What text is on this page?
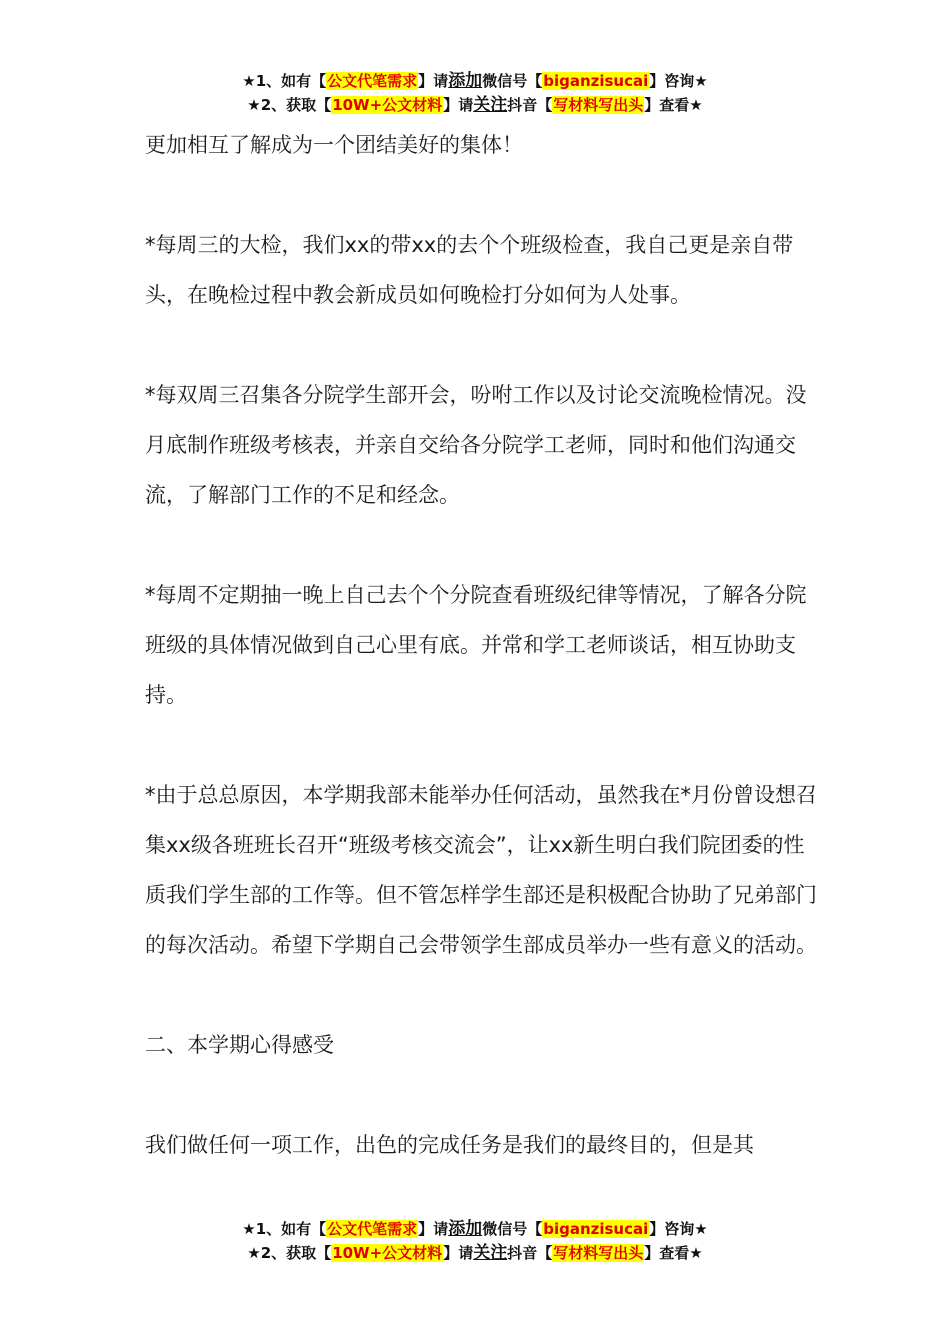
★1、如有【公文代笔需求】请添加微信号【biganzisucai】咨询★
★2、获取【10W+公文材料】请关注抖音【写材料写出头】查看★

更加相互了解成为一个团结美好的集体！

*每周三的大检，我们xx的带xx的去个个班级检查，我自己更是亲自带头，在晚检过程中教会新成员如何晚检打分如何为人处事。

*每双周三召集各分院学生部开会，吩咐工作以及讨论交流晚检情况。没月底制作班级考核表，并亲自交给各分院学工老师，同时和他们沟通交流，了解部门工作的不足和经念。

*每周不定期抽一晚上自己去个个分院查看班级纪律等情况，了解各分院班级的具体情况做到自己心里有底。并常和学工老师谈话，相互协助支持。

*由于总总原因，本学期我部未能举办任何活动，虽然我在*月份曾设想召集xx级各班班长召开“班级考核交流会”，让xx新生明白我们院团委的性质我们学生部的工作等。但不管怎样学生部还是积极配合协助了兄弟部门的每次活动。希望下学期自己会带领学生部成员举办一些有意义的活动。

二、本学期心得感受

我们做任何一项工作，出色的完成任务是我们的最终目的，但是其

★1、如有【公文代笔需求】请添加微信号【biganzisucai】咨询★
★2、获取【10W+公文材料】请关注抖音【写材料写出头】查看★
